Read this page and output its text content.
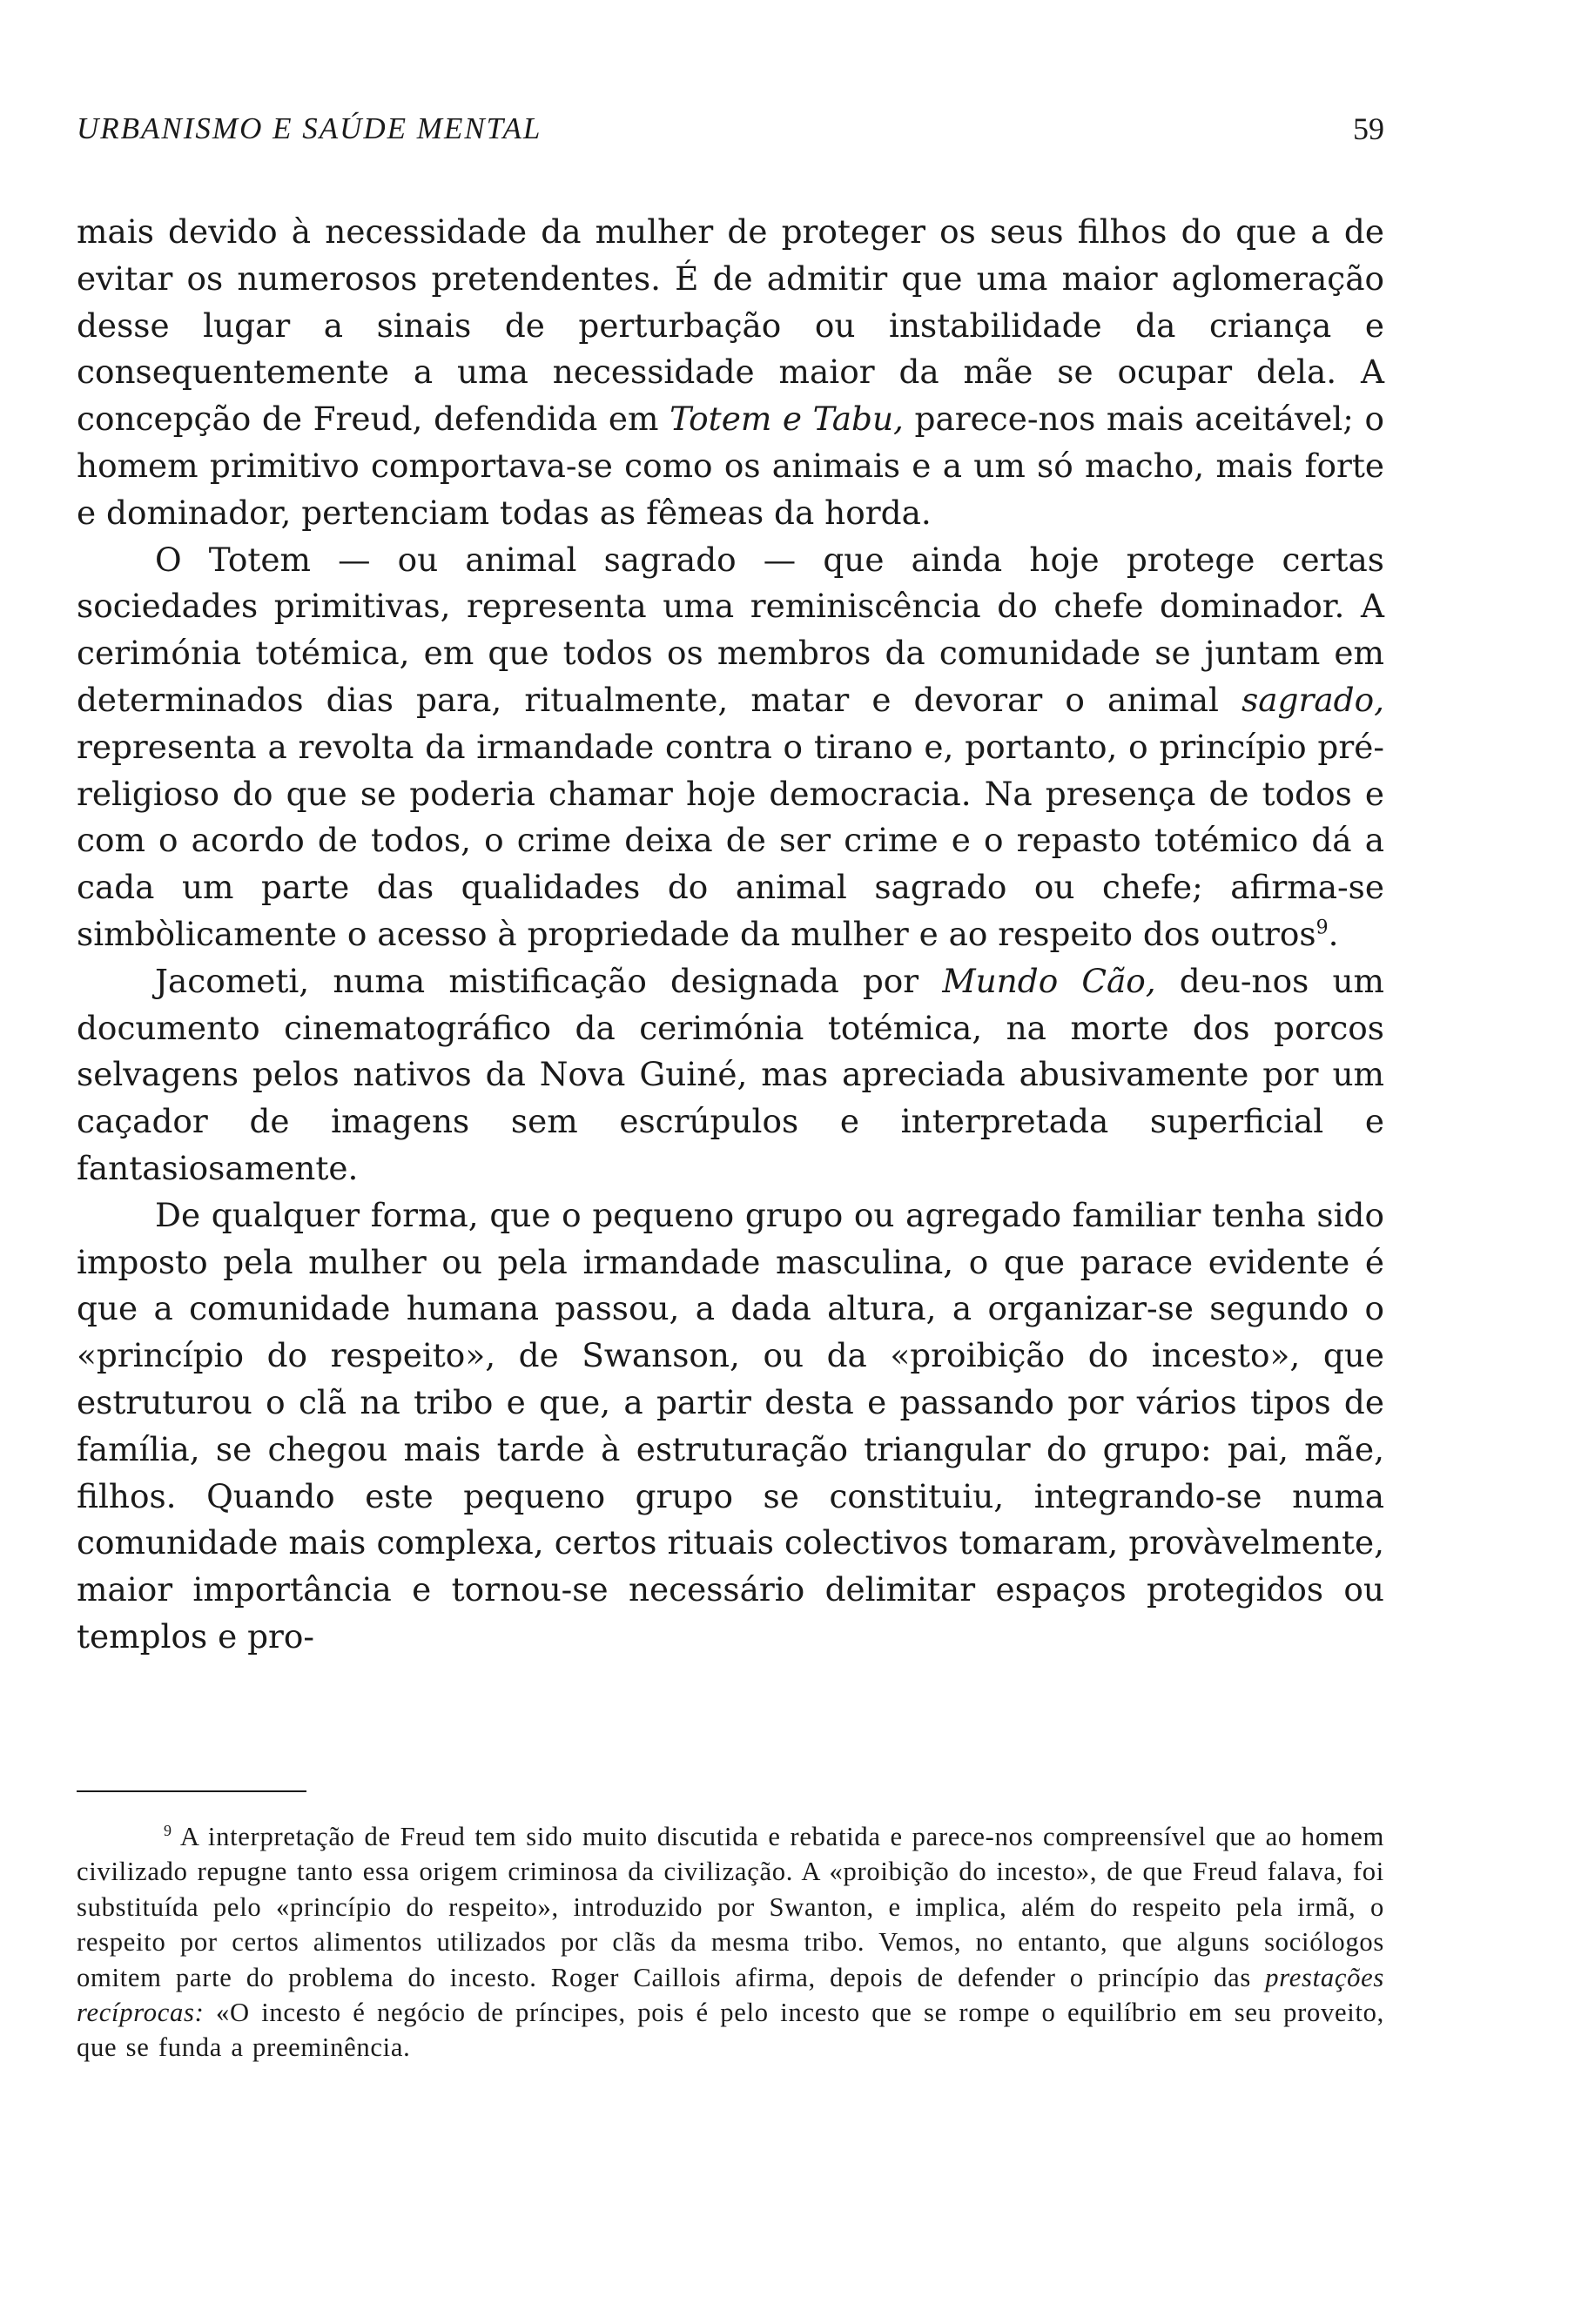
URBANISMO E SAÚDE MENTAL	59

mais devido à necessidade da mulher de proteger os seus filhos do que a de evitar os numerosos pretendentes. É de admitir que uma maior aglomeração desse lugar a sinais de perturbação ou instabilidade da criança e consequentemente a uma necessidade maior da mãe se ocupar dela. A concepção de Freud, defendida em Totem e Tabu, parece-nos mais aceitável; o homem primitivo comportava-se como os animais e a um só macho, mais forte e dominador, pertenciam todas as fêmeas da horda.

O Totem — ou animal sagrado — que ainda hoje protege certas sociedades primitivas, representa uma reminiscência do chefe dominador. A cerimónia totémica, em que todos os membros da comunidade se juntam em determinados dias para, ritualmente, matar e devorar o animal sagrado, representa a revolta da irmandade contra o tirano e, portanto, o princípio pré-religioso do que se poderia chamar hoje democracia. Na presença de todos e com o acordo de todos, o crime deixa de ser crime e o repasto totémico dá a cada um parte das qualidades do animal sagrado ou chefe; afirma-se simbòlicamente o acesso à propriedade da mulher e ao respeito dos outros$^9$.

Jacometi, numa mistificação designada por Mundo Cão, deu-nos um documento cinematográfico da cerimónia totémica, na morte dos porcos selvagens pelos nativos da Nova Guiné, mas apreciada abusivamente por um caçador de imagens sem escrúpulos e interpretada superficial e fantasiosamente.

De qualquer forma, que o pequeno grupo ou agregado familiar tenha sido imposto pela mulher ou pela irmandade masculina, o que parace evidente é que a comunidade humana passou, a dada altura, a organizar-se segundo o «princípio do respeito», de Swanson, ou da «proibição do incesto», que estruturou o clã na tribo e que, a partir desta e passando por vários tipos de família, se chegou mais tarde à estruturação triangular do grupo: pai, mãe, filhos. Quando este pequeno grupo se constituiu, integrando-se numa comunidade mais complexa, certos rituais colectivos tomaram, provàvelmente, maior importância e tornou-se necessário delimitar espaços protegidos ou templos e pro-

$^9$ A interpretação de Freud tem sido muito discutida e rebatida e parece-nos compreensível que ao homem civilizado repugne tanto essa origem criminosa da civilização. A «proibição do incesto», de que Freud falava, foi substituída pelo «princípio do respeito», introduzido por Swanton, e implica, além do respeito pela irmã, o respeito por certos alimentos utilizados por clãs da mesma tribo. Vemos, no entanto, que alguns sociólogos omitem parte do problema do incesto. Roger Caillois afirma, depois de defender o princípio das prestações recíprocas: «O incesto é negócio de príncipes, pois é pelo incesto que se rompe o equilíbrio em seu proveito, que se funda a preeminência.
